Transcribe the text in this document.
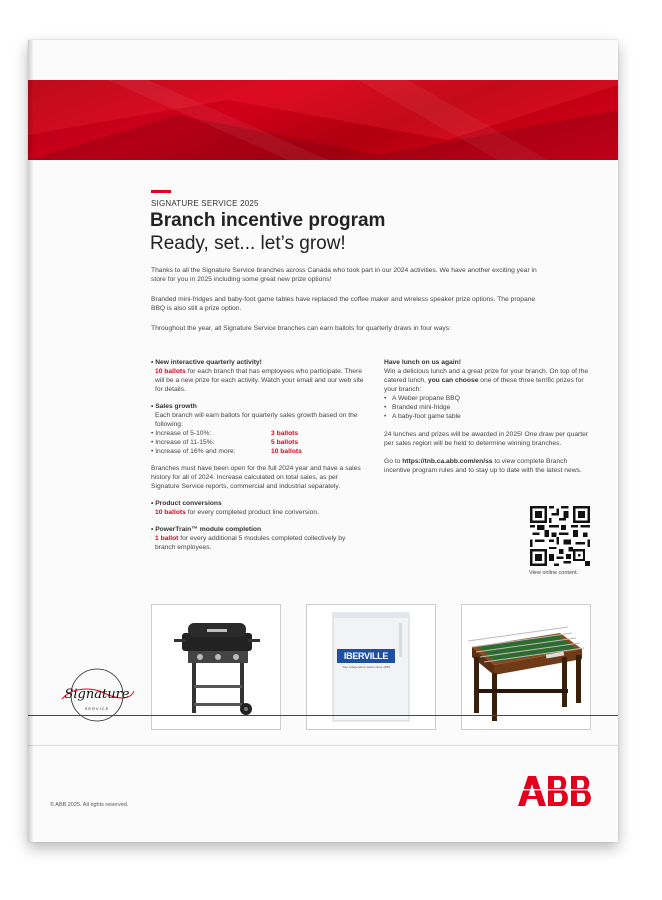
SIGNATURE SERVICE 2025
Branch incentive program
Ready, set... let’s grow!

Thanks to all the Signature Service branches across Canada who took part in our 2024 activities. We have another exciting year in store for you in 2025 including some great new prize options!

Branded mini-fridges and baby-foot game tables have replaced the coffee maker and wireless speaker prize options. The propane BBQ is also still a prize option.

Throughout the year, all Signature Service branches can earn ballots for quarterly draws in four ways:

• New interactive quarterly activity!

10 ballots for each branch that has employees who participate. There will be a new prize for each activity. Watch your email and our web site for details.

• Sales growth

Each branch will earn ballots for quarterly sales growth based on the following:

• Increase of 5-10%:	3 ballots
• Increase of 11-15%:	5 ballots
• Increase of 16% and more:	10 ballots

Branches must have been open for the full 2024 year and have a sales history for all of 2024. Increase calculated on total sales, as per Signature Service reports, commercial and industrial separately.

• Product conversions

10 ballots for every completed product line conversion.

• PowerTrain™ module completion

1 ballot for every additional 5 modules completed collectively by branch employees.

Have lunch on us again!

Win a delicious lunch and a great prize for your branch. On top of the catered lunch, you can choose one of these three terrific prizes for your branch:

• A Weber propane BBQ
• Branded mini-fridge
• A baby-foot game table

24 lunches and prizes will be awarded in 2025! One draw per quarter per sales region will be held to determine winning branches.

Go to https://tnb.ca.abb.com/en/ss to view complete Branch incentive program rules and to stay up to date with the latest news.

View online content.
IBERVILLE
Your independent stores since 1959
Signature
SERVICE
© ABB 2025. All rights reserved.
